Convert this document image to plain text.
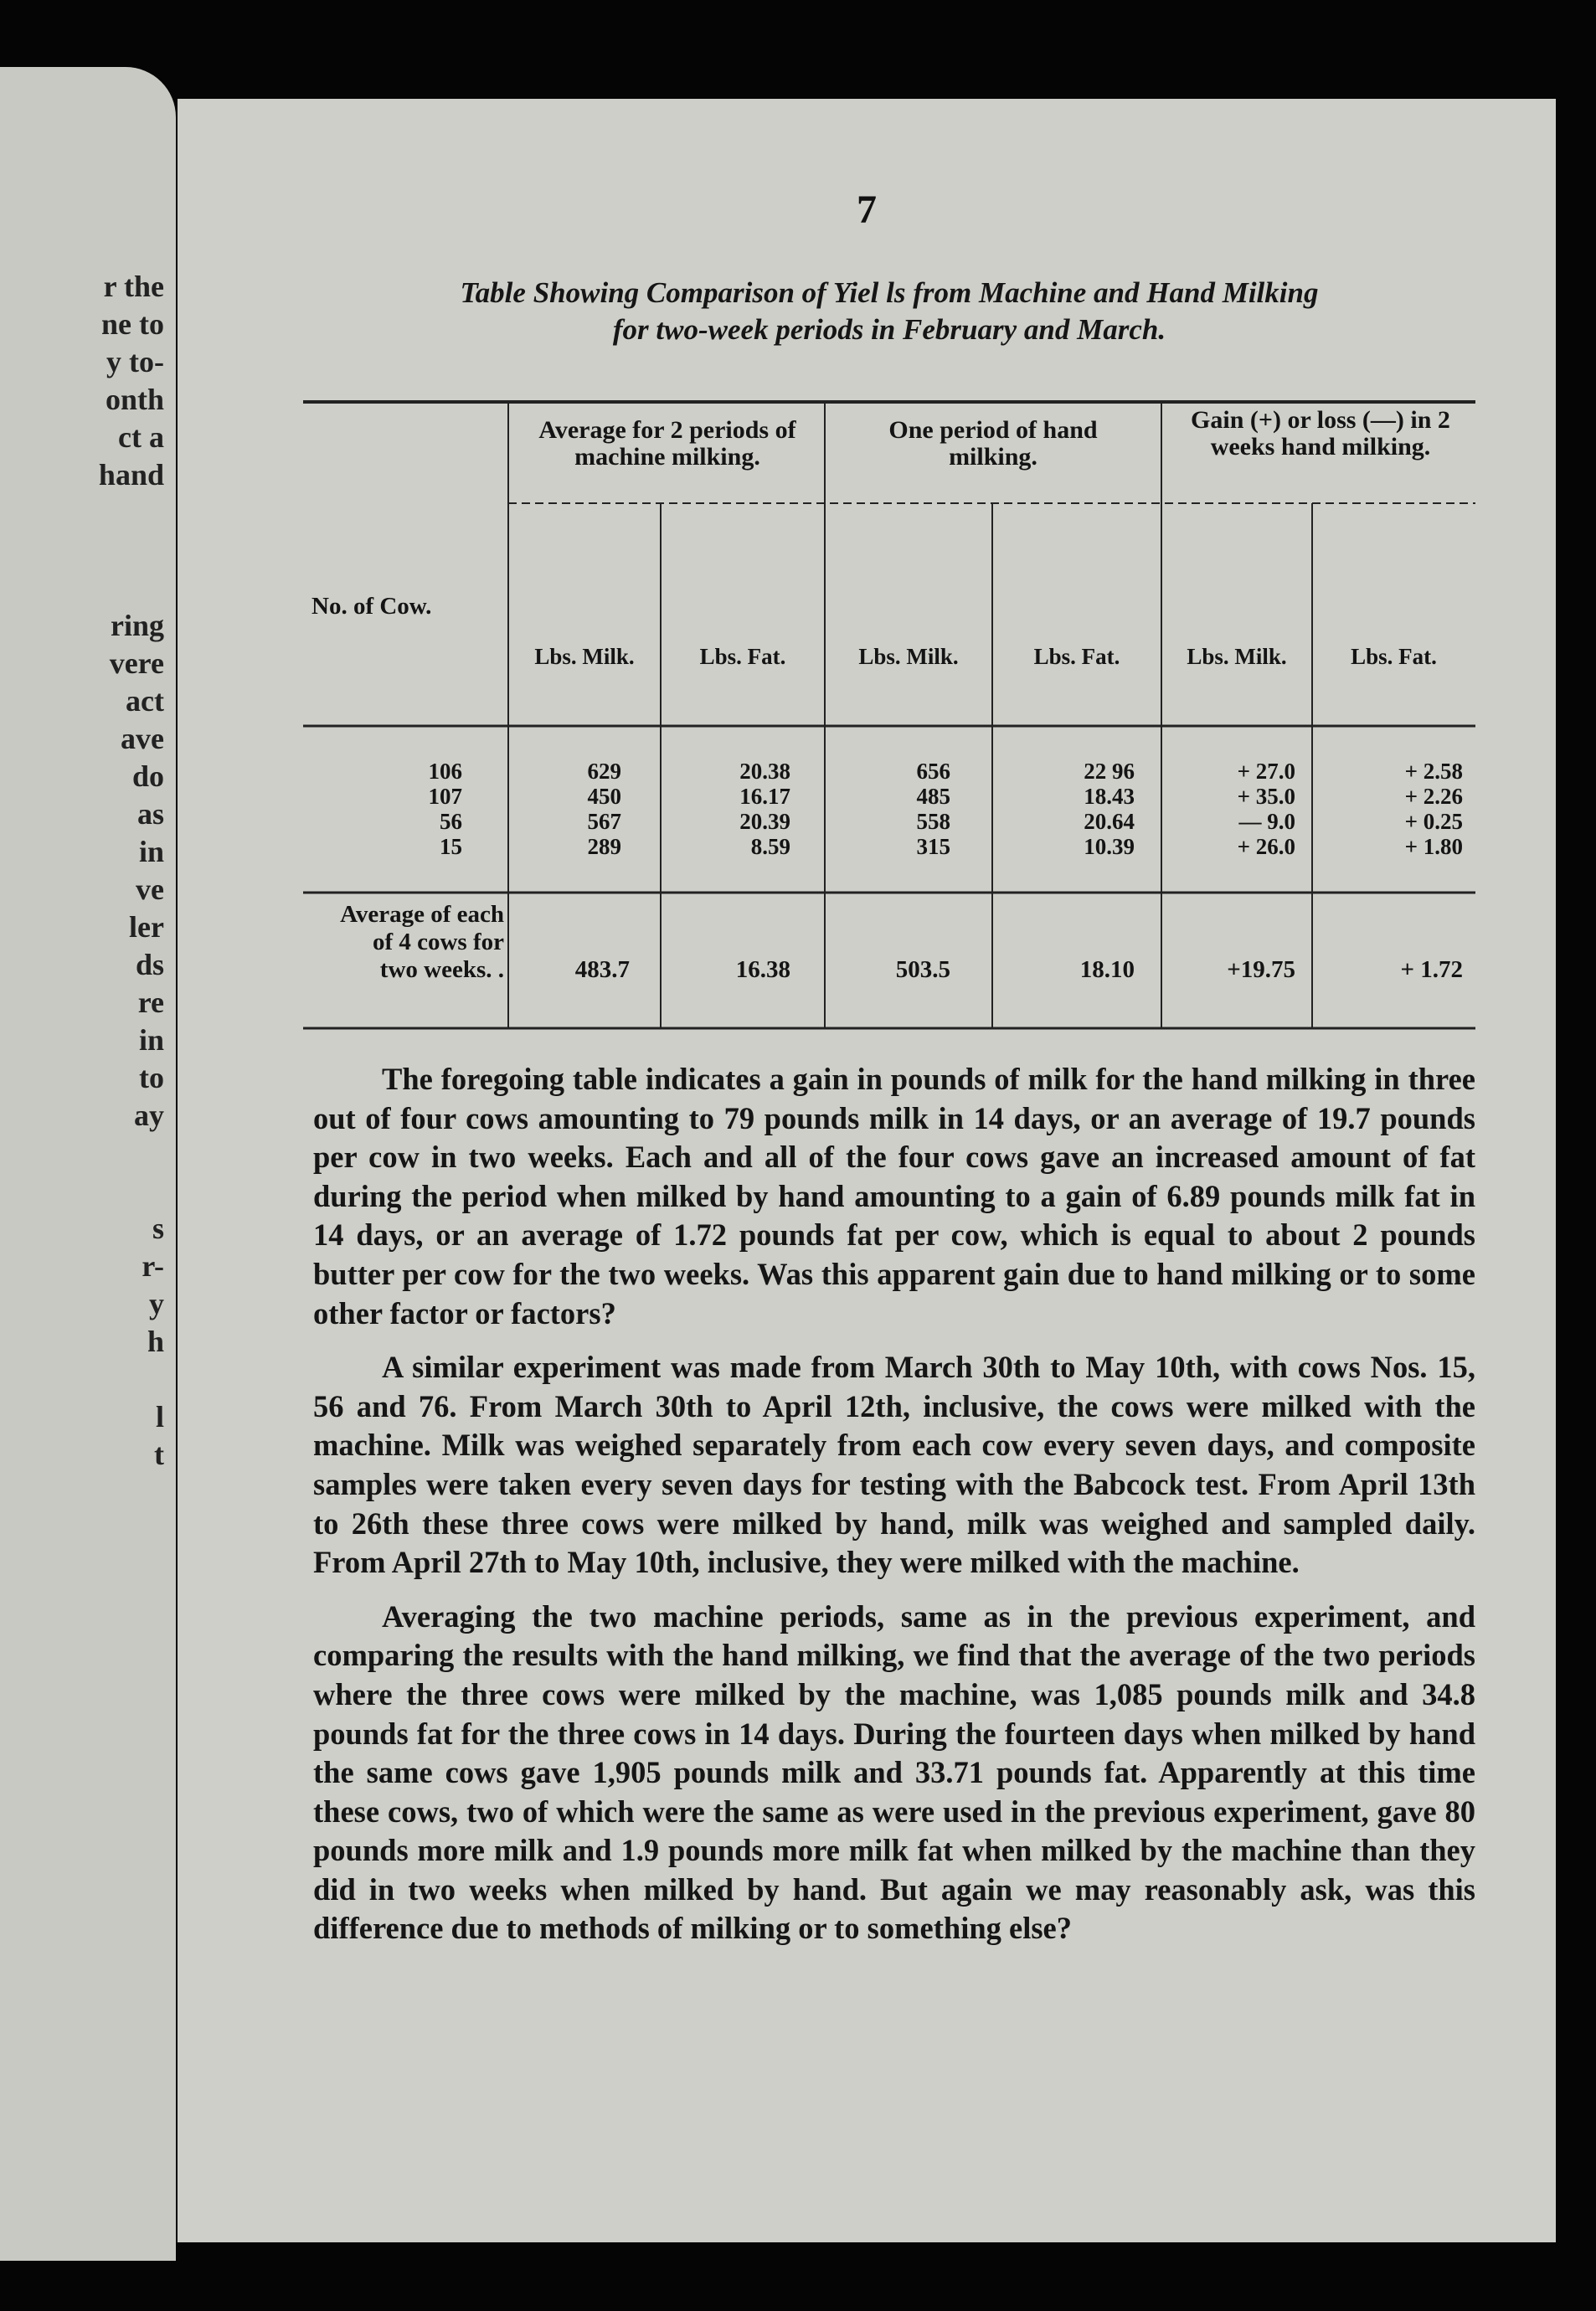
r the
ne to
y to-
onth
ct a
hand
ring
vere
act
ave
do
as
in
ve
ler
ds
re
in
to
ay
s
r-
y
h
l
t
7
Table Showing Comparison of Yiel ls from Machine and Hand Milking
for two-week periods in February and March.
No. of Cow.
Average for 2 periods of machine milking.
One period of hand milking.
Gain (+) or loss (—) in 2 weeks hand milking.
Lbs. Milk.	Lbs. Fat.	Lbs. Milk.	Lbs. Fat.	Lbs. Milk.	Lbs. Fat.
106	629	20.38	656	22 96	+ 27.0	+ 2.58
107	450	16.17	485	18.43	+ 35.0	+ 2.26
56	567	20.39	558	20.64	— 9.0	+ 0.25
15	289	8.59	315	10.39	+ 26.0	+ 1.80
Average of each
of 4 cows for
two weeks. .	483.7	16.38	503.5	18.10	+19.75	+ 1.72

The foregoing table indicates a gain in pounds of milk for the hand milking in three out of four cows amounting to 79 pounds milk in 14 days, or an average of 19.7 pounds per cow in two weeks. Each and all of the four cows gave an increased amount of fat during the period when milked by hand amounting to a gain of 6.89 pounds milk fat in 14 days, or an average of 1.72 pounds fat per cow, which is equal to about 2 pounds butter per cow for the two weeks. Was this apparent gain due to hand milking or to some other factor or factors?

A similar experiment was made from March 30th to May 10th, with cows Nos. 15, 56 and 76. From March 30th to April 12th, inclusive, the cows were milked with the machine. Milk was weighed separately from each cow every seven days, and composite samples were taken every seven days for testing with the Babcock test. From April 13th to 26th these three cows were milked by hand, milk was weighed and sampled daily. From April 27th to May 10th, inclusive, they were milked with the machine.

Averaging the two machine periods, same as in the previous experiment, and comparing the results with the hand milking, we find that the average of the two periods where the three cows were milked by the machine, was 1,085 pounds milk and 34.8 pounds fat for the three cows in 14 days. During the fourteen days when milked by hand the same cows gave 1,905 pounds milk and 33.71 pounds fat. Apparently at this time these cows, two of which were the same as were used in the previous experiment, gave 80 pounds more milk and 1.9 pounds more milk fat when milked by the machine than they did in two weeks when milked by hand. But again we may reasonably ask, was this difference due to methods of milking or to something else?
